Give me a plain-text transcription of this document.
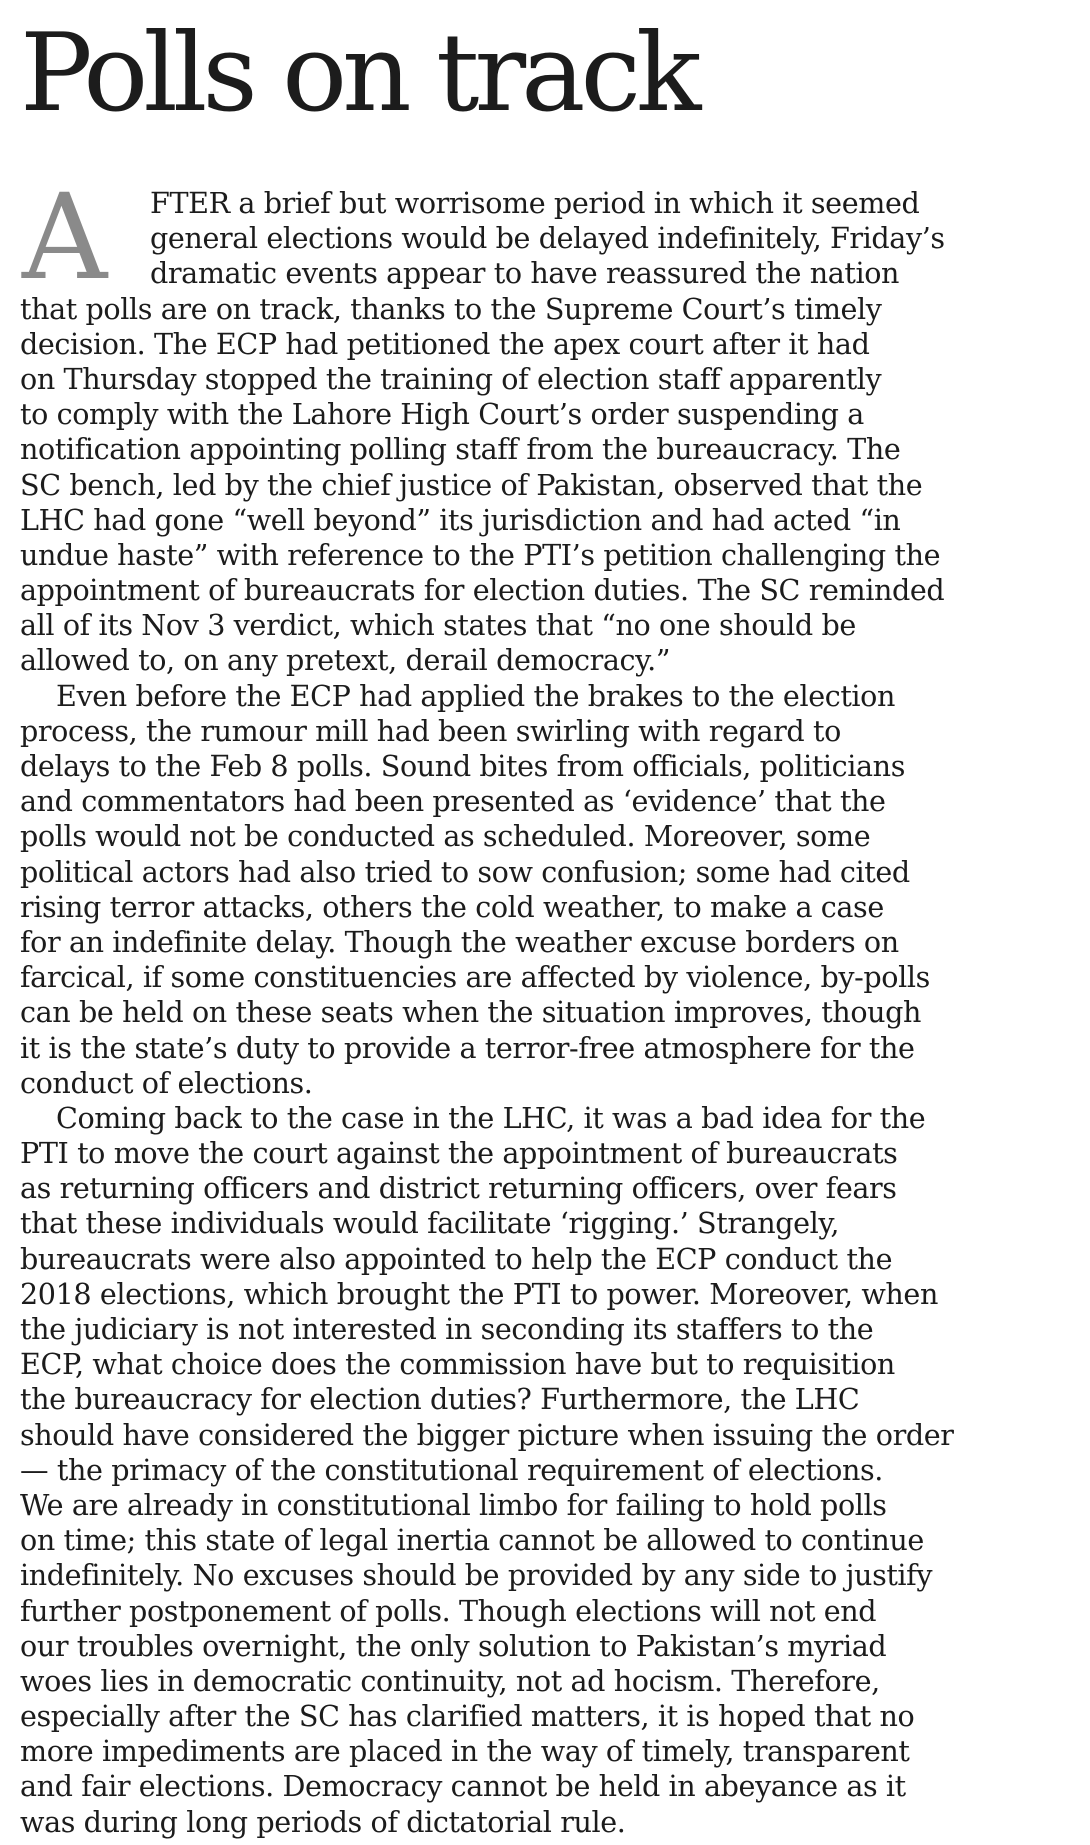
Polls on track
A	FTER a brief but worrisome period in which it seemed
general elections would be delayed indefinitely, Friday’s
dramatic events appear to have reassured the nation
that polls are on track, thanks to the Supreme Court’s timely
decision. The ECP had petitioned the apex court after it had
on Thursday stopped the training of election staff apparently
to comply with the Lahore High Court’s order suspending a
notification appointing polling staff from the bureaucracy. The
SC bench, led by the chief justice of Pakistan, observed that the
LHC had gone “well beyond” its jurisdiction and had acted “in
undue haste” with reference to the PTI’s petition challenging the
appointment of bureaucrats for election duties. The SC reminded
all of its Nov 3 verdict, which states that “no one should be
allowed to, on any pretext, derail democracy.”
Even before the ECP had applied the brakes to the election
process, the rumour mill had been swirling with regard to
delays to the Feb 8 polls. Sound bites from officials, politicians
and commentators had been presented as ‘evidence’ that the
polls would not be conducted as scheduled. Moreover, some
political actors had also tried to sow confusion; some had cited
rising terror attacks, others the cold weather, to make a case
for an indefinite delay. Though the weather excuse borders on
farcical, if some constituencies are affected by violence, by-polls
can be held on these seats when the situation improves, though
it is the state’s duty to provide a terror-free atmosphere for the
conduct of elections.
Coming back to the case in the LHC, it was a bad idea for the
PTI to move the court against the appointment of bureaucrats
as returning officers and district returning officers, over fears
that these individuals would facilitate ‘rigging.’ Strangely,
bureaucrats were also appointed to help the ECP conduct the
2018 elections, which brought the PTI to power. Moreover, when
the judiciary is not interested in seconding its staffers to the
ECP, what choice does the commission have but to requisition
the bureaucracy for election duties? Furthermore, the LHC
should have considered the bigger picture when issuing the order
— the primacy of the constitutional requirement of elections.
We are already in constitutional limbo for failing to hold polls
on time; this state of legal inertia cannot be allowed to continue
indefinitely. No excuses should be provided by any side to justify
further postponement of polls. Though elections will not end
our troubles overnight, the only solution to Pakistan’s myriad
woes lies in democratic continuity, not ad hocism. Therefore,
especially after the SC has clarified matters, it is hoped that no
more impediments are placed in the way of timely, transparent
and fair elections. Democracy cannot be held in abeyance as it
was during long periods of dictatorial rule.
